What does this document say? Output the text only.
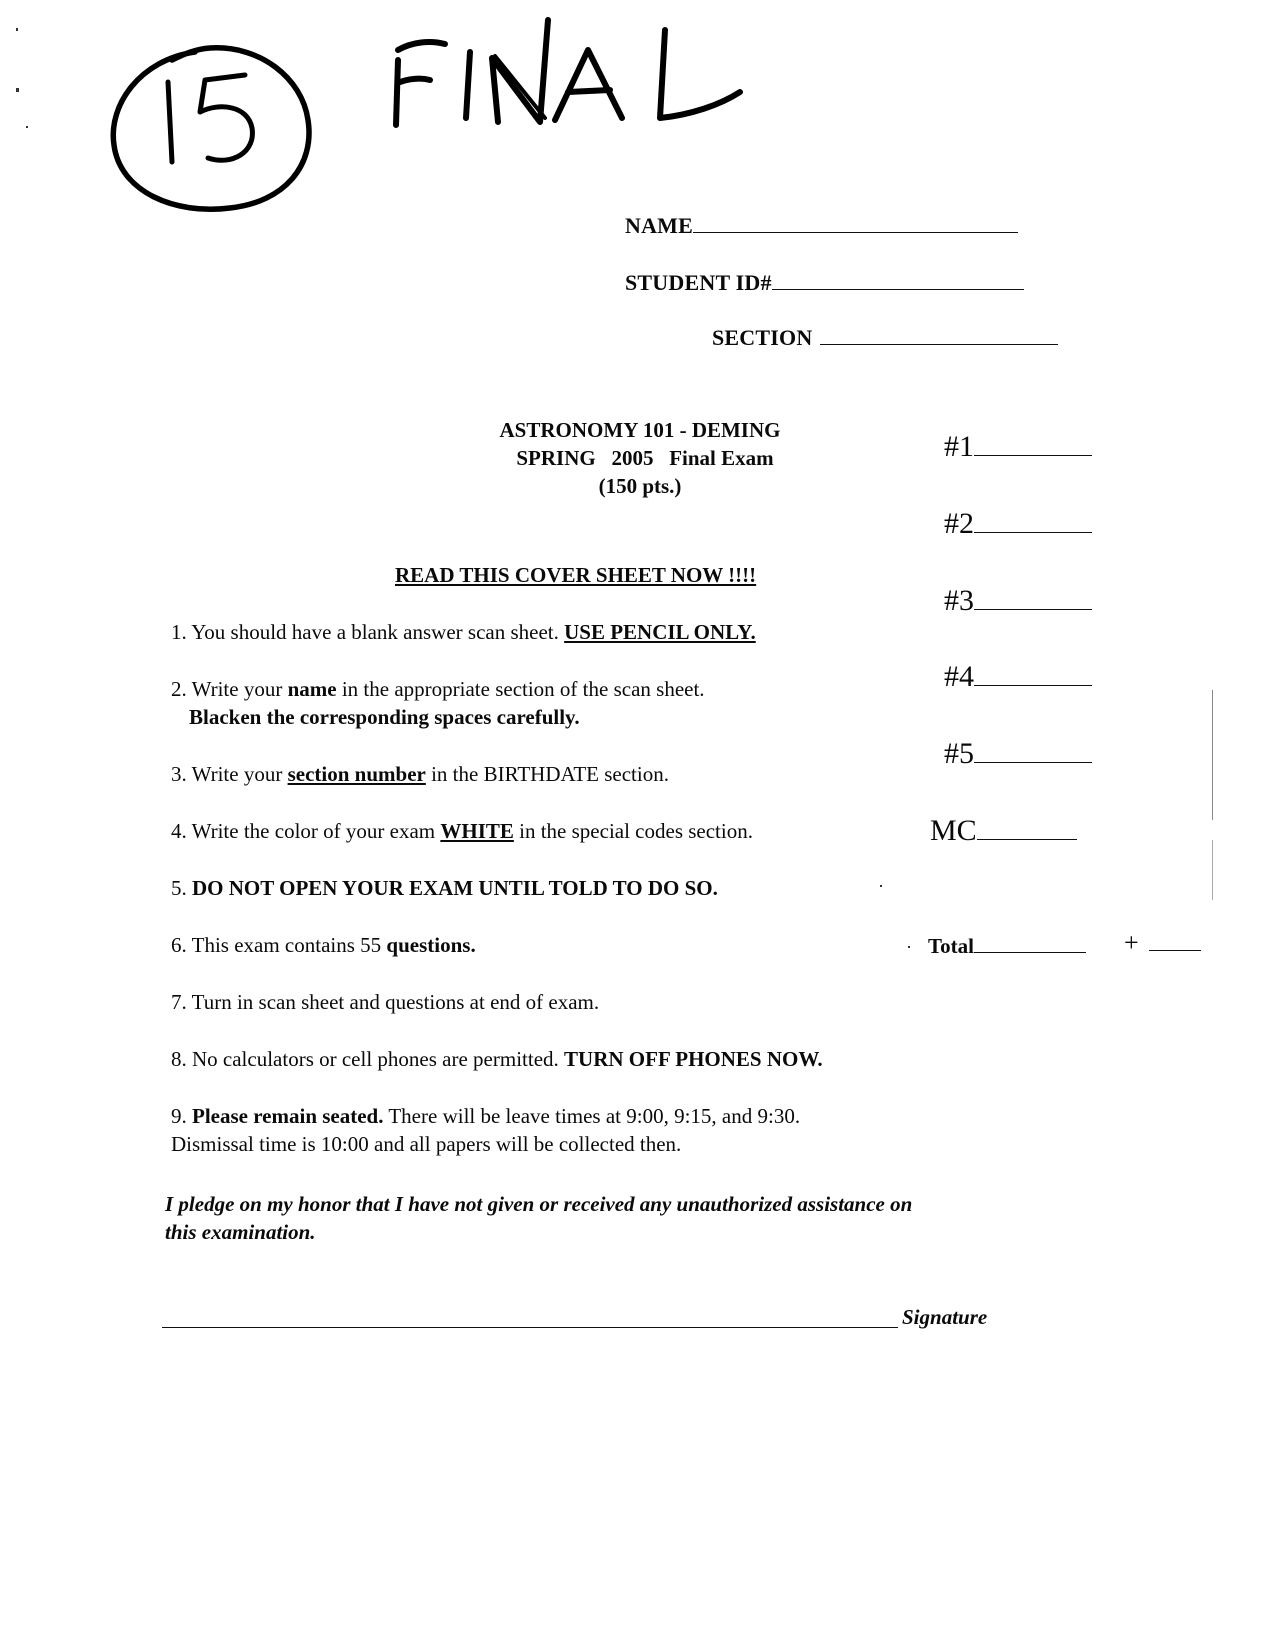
NAME
STUDENT ID#
SECTION
ASTRONOMY 101 - DEMING
SPRING   2005   Final Exam
(150 pts.)
READ THIS COVER SHEET NOW !!!!
1. You should have a blank answer scan sheet. USE PENCIL ONLY.
2. Write your name in the appropriate section of the scan sheet.
Blacken the corresponding spaces carefully.
3. Write your section number in the BIRTHDATE section.
4. Write the color of your exam WHITE in the special codes section.
5. DO NOT OPEN YOUR EXAM UNTIL TOLD TO DO SO.
6. This exam contains 55 questions.
7. Turn in scan sheet and questions at end of exam.
8. No calculators or cell phones are permitted. TURN OFF PHONES NOW.
9. Please remain seated. There will be leave times at 9:00, 9:15, and 9:30.
Dismissal time is 10:00 and all papers will be collected then.
#1
#2
#3
#4
#5
MC
Total	+
I pledge on my honor that I have not given or received any unauthorized assistance on
this examination.
Signature
